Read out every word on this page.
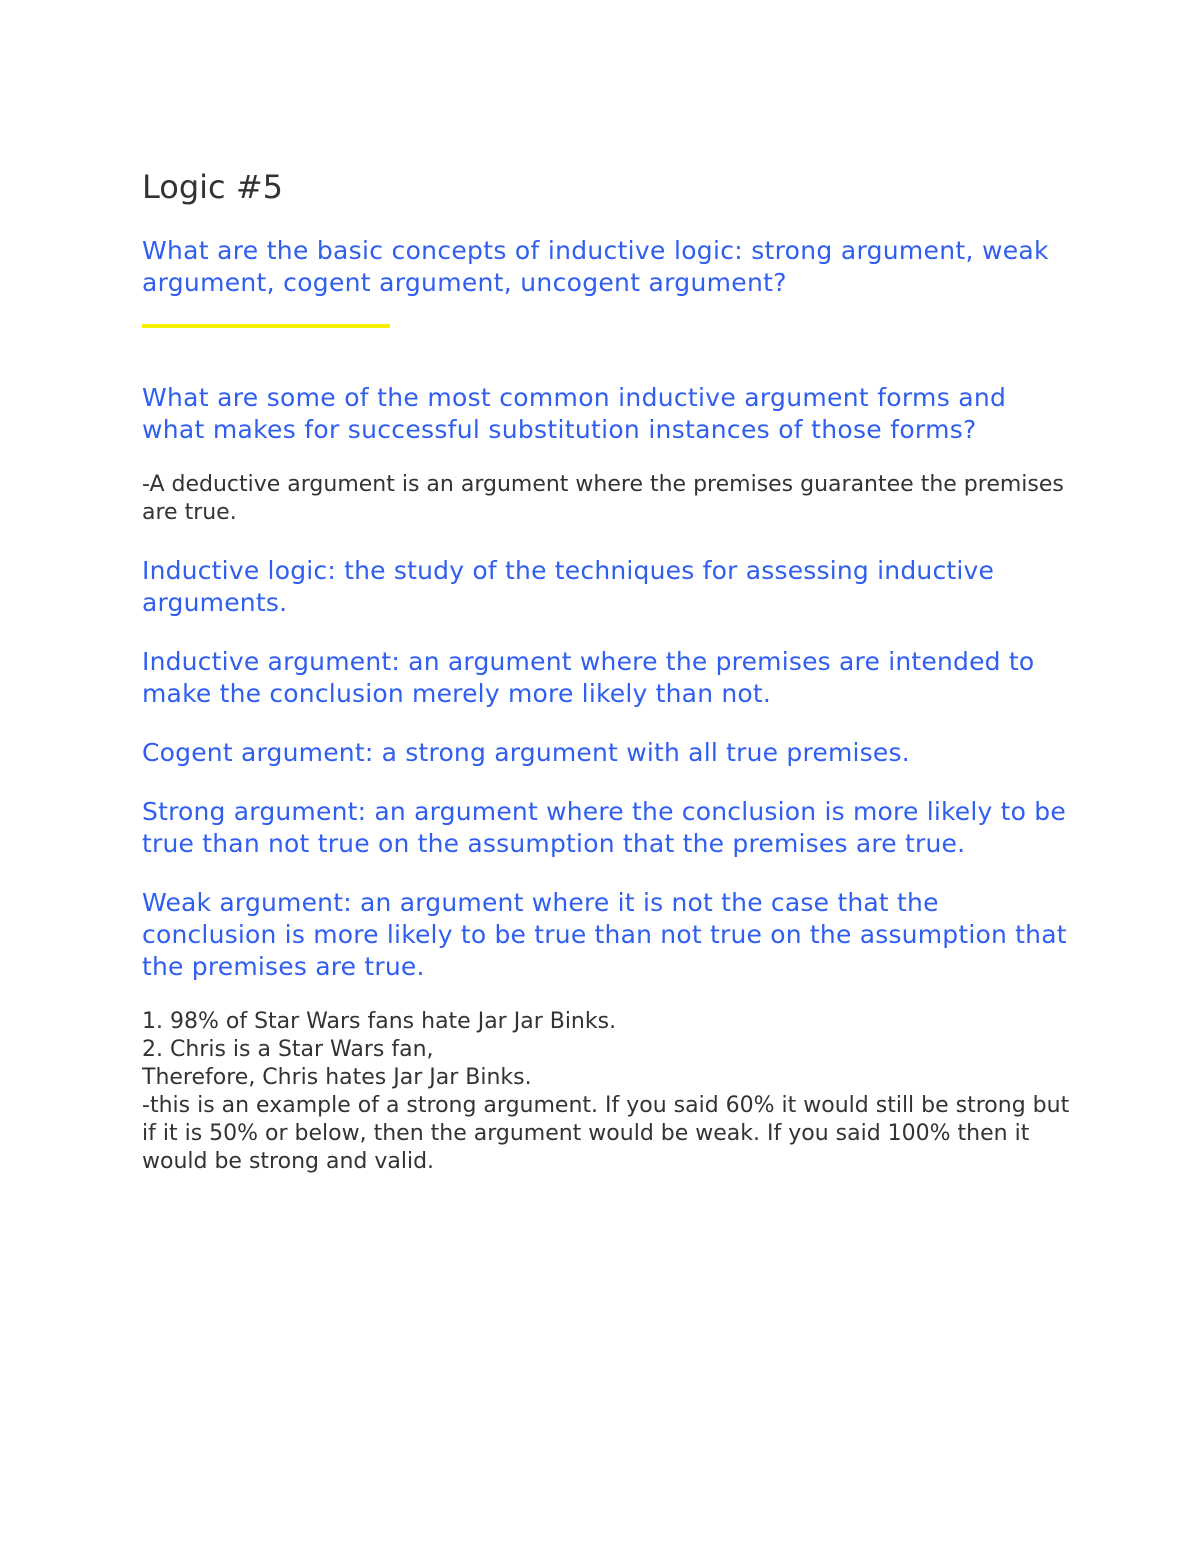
Logic #5

What are the basic concepts of inductive logic: strong argument, weak argument, cogent argument, uncogent argument?

What are some of the most common inductive argument forms and what makes for successful substitution instances of those forms?

-A deductive argument is an argument where the premises guarantee the premises are true.

Inductive logic: the study of the techniques for assessing inductive arguments.

Inductive argument: an argument where the premises are intended to make the conclusion merely more likely than not.

Cogent argument: a strong argument with all true premises.

Strong argument: an argument where the conclusion is more likely to be true than not true on the assumption that the premises are true.

Weak argument: an argument where it is not the case that the conclusion is more likely to be true than not true on the assumption that the premises are true.

1. 98% of Star Wars fans hate Jar Jar Binks.

2. Chris is a Star Wars fan,

Therefore, Chris hates Jar Jar Binks.

-this is an example of a strong argument. If you said 60% it would still be strong but if it is 50% or below, then the argument would be weak. If you said 100% then it would be strong and valid.
